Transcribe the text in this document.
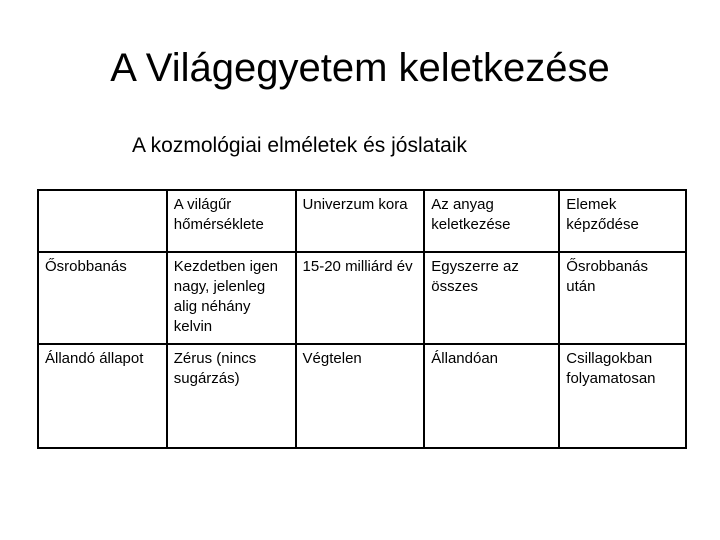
A Világegyetem keletkezése
A kozmológiai elméletek és jóslataik

	A világűr hőmérséklete	Univerzum kora	Az anyag keletkezése	Elemek képződése

Ősrobbanás	Kezdetben igen nagy, jelenleg alig néhány kelvin	15-20 milliárd év	Egyszerre az összes	Ősrobbanás után

Állandó állapot	Zérus (nincs sugárzás)	Végtelen	Állandóan	Csillagokban folyamatosan
